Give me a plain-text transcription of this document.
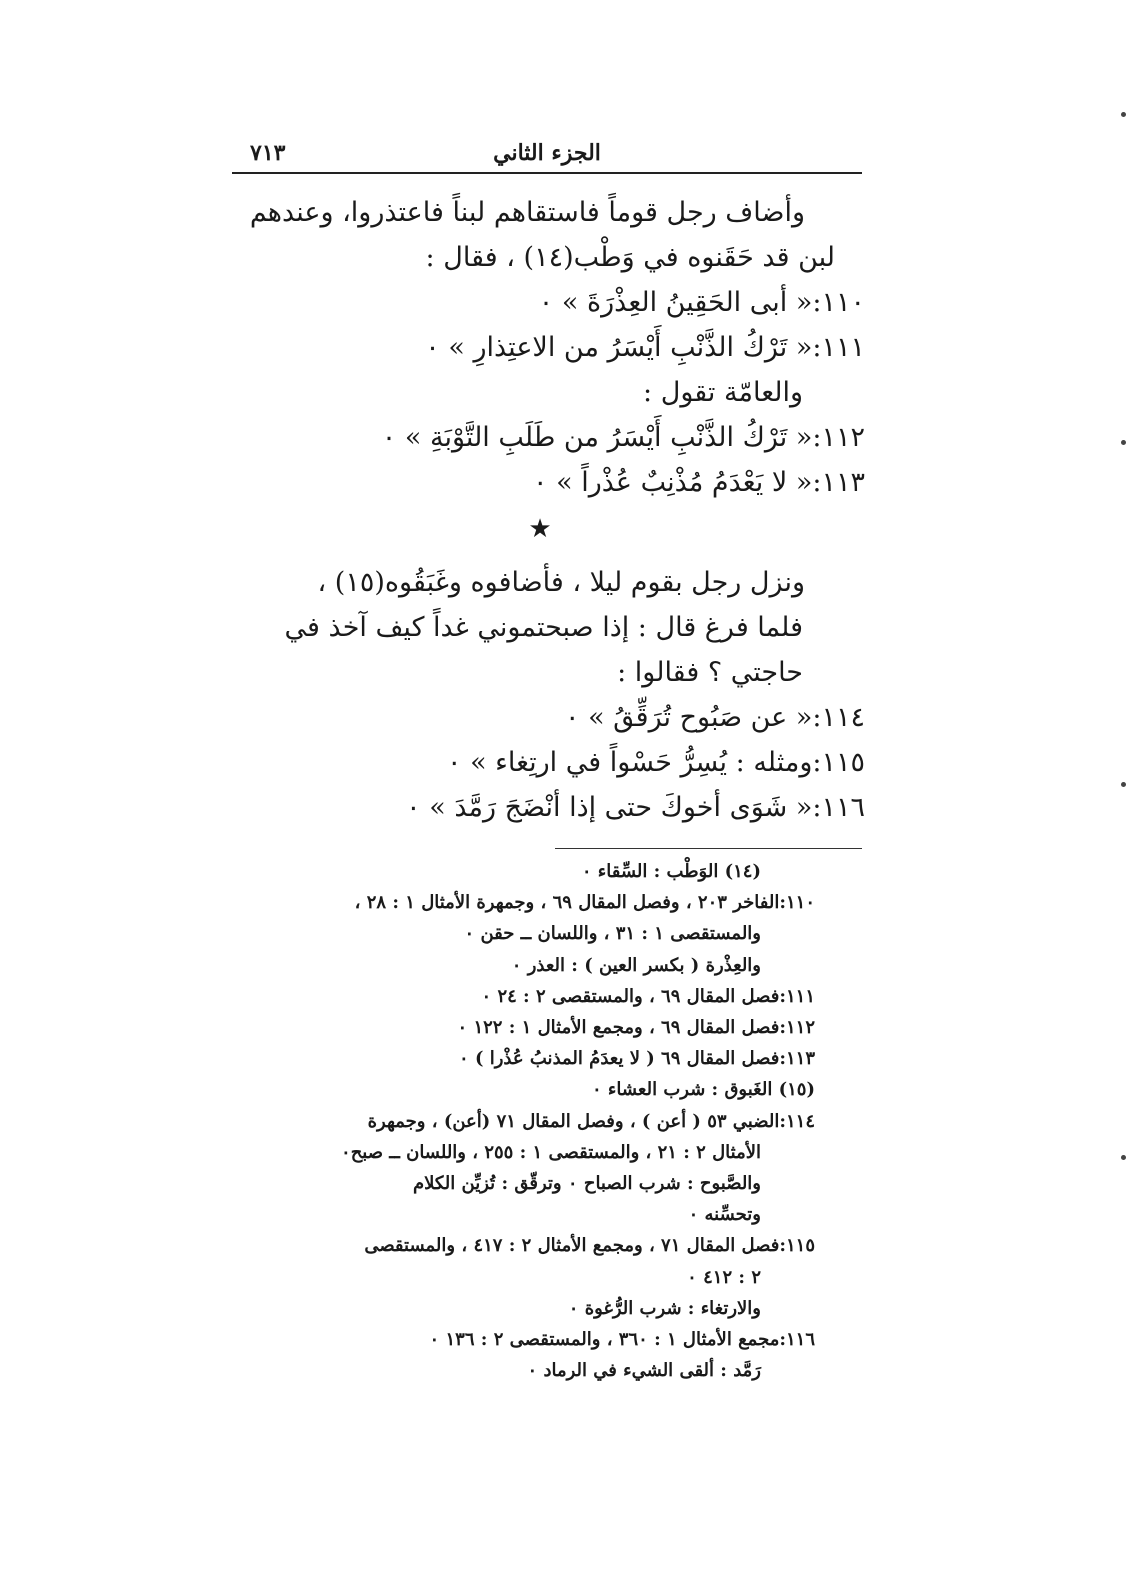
الجزء الثاني
٧١٣

وأضاف رجل قوماً فاستقاهم لبناً فاعتذروا، وعندهم

لبن قد حَقَنوه في وَطْب(١٤) ، فقال :

١١٠:« أبى الحَقِينُ العِذْرَةَ » ٠

١١١:« تَرْكُ الذَّنْبِ أَيْسَرُ من الاعتِذارِ » ٠

والعامّة تقول :

١١٢:« تَرْكُ الذَّنْبِ أَيْسَرُ من طَلَبِ التَّوْبَةِ » ٠

١١٣:« لا يَعْدَمُ مُذْنِبٌ عُذْراً » ٠

★

ونزل رجل بقوم ليلا ، فأضافوه وغَبَقُوه(١٥) ،

فلما فرغ قال : إذا صبحتموني غداً كيف آخذ في

حاجتي ؟ فقالوا :

١١٤:« عن صَبُوح تُرَقِّقُ » ٠

١١٥:ومثله : يُسِرُّ حَسْواً في ارتِغاء » ٠

١١٦:« شَوَى أخوكَ حتى إذا أنْضَجَ رَمَّدَ » ٠

(١٤) الوَطْب : السِّقاء ٠

١١٠:الفاخر ٢٠٣ ، وفصل المقال ٦٩ ، وجمهرة الأمثال ١ : ٢٨ ،

والمستقصى ١ : ٣١ ، واللسان ــ حقن ٠

والعِذْرة ( بكسر العين ) : العذر ٠

١١١:فصل المقال ٦٩ ، والمستقصى ٢ : ٢٤ ٠

١١٢:فصل المقال ٦٩ ، ومجمع الأمثال ١ : ١٢٢ ٠

١١٣:فصل المقال ٦٩ ( لا يعدَمُ المذنبُ عُذْرا ) ٠

(١٥) الغَبوق : شرب العشاء ٠

١١٤:الضبي ٥٣ ( أعن ) ، وفصل المقال ٧١ (أعن) ، وجمهرة

الأمثال ٢ : ٢١ ، والمستقصى ١ : ٢٥٥ ، واللسان ــ صبح٠

والصَّبوح : شرب الصباح ٠ وترقّق : تُزيِّن الكلام

وتحسِّنه ٠

١١٥:فصل المقال ٧١ ، ومجمع الأمثال ٢ : ٤١٧ ، والمستقصى

٢ : ٤١٢ ٠

والارتغاء : شرب الرُّغوة ٠

١١٦:مجمع الأمثال ١ : ٣٦٠ ، والمستقصى ٢ : ١٣٦ ٠

رَمَّد : ألقى الشيء في الرماد ٠
